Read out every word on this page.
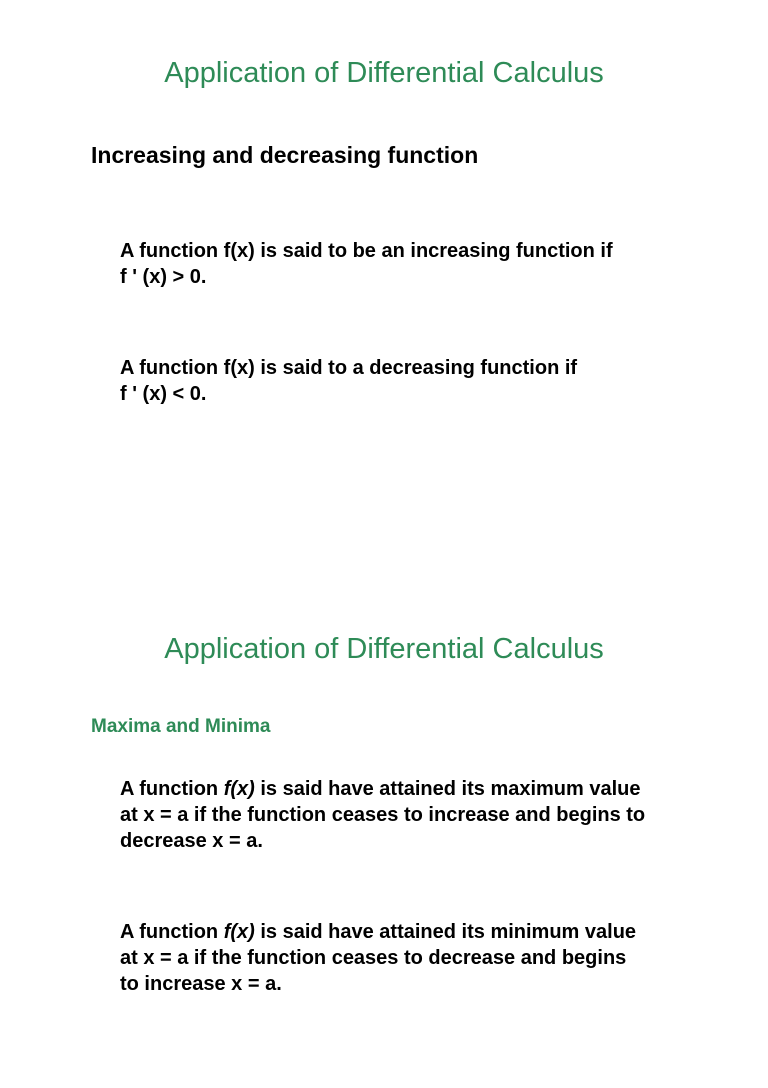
Application of Differential Calculus
Increasing and decreasing function

A function f(x) is said to be an increasing function if
f ' (x) > 0.

A function f(x) is said to a decreasing function if
f ' (x) < 0.

Application of Differential Calculus
Maxima and Minima

A function f(x) is said have attained its maximum value
at x = a if the function ceases to increase and begins to
decrease x = a.

A function f(x) is said have attained its minimum value
at x = a if the function ceases to decrease and begins
to increase x = a.
